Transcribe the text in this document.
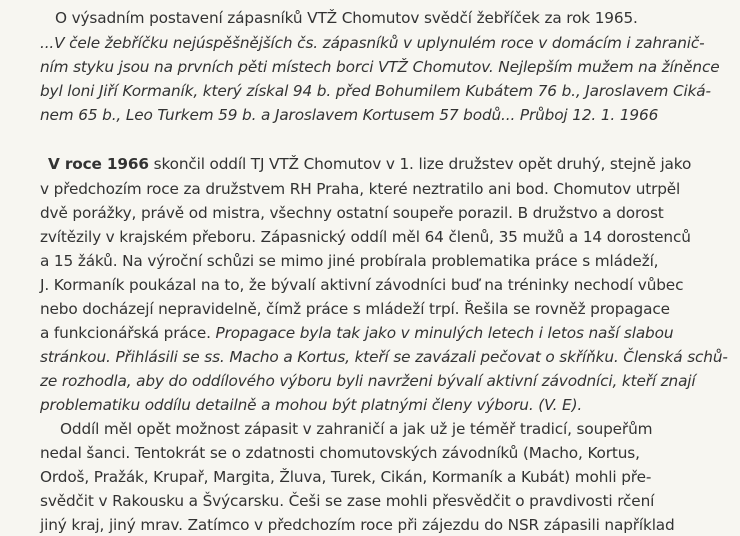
O výsadním postavení zápasníků VTŽ Chomutov svědčí žebříček za rok 1965.
...V čele žebříčku nejúspěšnějších čs. zápasníků v uplynulém roce v domácím i zahranič-
ním styku jsou na prvních pěti místech borci VTŽ Chomutov. Nejlepším mužem na žíněnce
byl loni Jiří Kormaník, který získal 94 b. před Bohumilem Kubátem 76 b., Jaroslavem Ciká-
nem 65 b., Leo Turkem 59 b. a Jaroslavem Kortusem 57 bodů... Průboj 12. 1. 1966
V roce 1966 skončil oddíl TJ VTŽ Chomutov v 1. lize družstev opět druhý, stejně jako
v předchozím roce za družstvem RH Praha, které neztratilo ani bod. Chomutov utrpěl
dvě porážky, právě od mistra, všechny ostatní soupeře porazil. B družstvo a dorost
zvítězily v krajském přeboru. Zápasnický oddíl měl 64 členů, 35 mužů a 14 dorostenců
a 15 žáků. Na výroční schůzi se mimo jiné probírala problematika práce s mládeží,
J. Kormaník poukázal na to, že bývalí aktivní závodníci buď na tréninky nechodí vůbec
nebo docházejí nepravidelně, čímž práce s mládeží trpí. Řešila se rovněž propagace
a funkcionářská práce. Propagace byla tak jako v minulých letech i letos naší slabou
stránkou. Přihlásili se ss. Macho a Kortus, kteří se zavázali pečovat o skříňku. Členská schů-
ze rozhodla, aby do oddílového výboru byli navrženi bývalí aktivní závodníci, kteří znají
problematiku oddílu detailně a mohou být platnými členy výboru. (V. E).
Oddíl měl opět možnost zápasit v zahraničí a jak už je téměř tradicí, soupeřům
nedal šanci. Tentokrát se o zdatnosti chomutovských závodníků (Macho, Kortus,
Ordoš, Pražák, Krupař, Margita, Žluva, Turek, Cikán, Kormaník a Kubát) mohli pře-
svědčit v Rakousku a Švýcarsku. Češi se zase mohli přesvědčit o pravdivosti rčení
jiný kraj, jiný mrav. Zatímco v předchozím roce při zájezdu do NSR zápasili například
